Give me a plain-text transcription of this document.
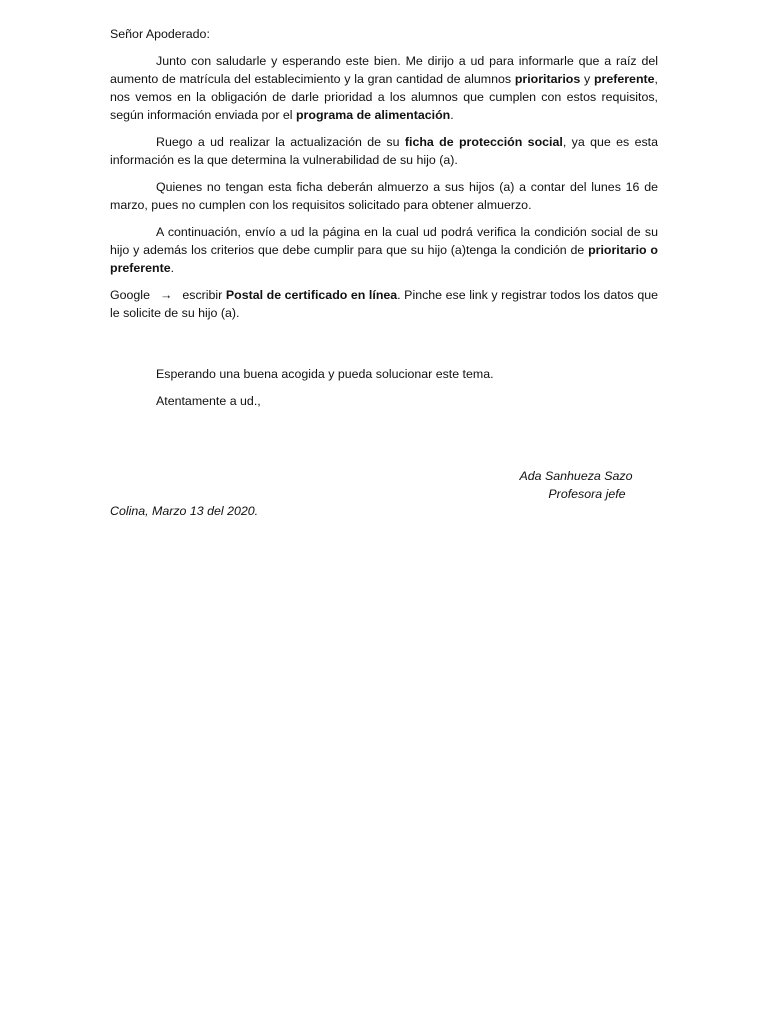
Señor Apoderado:

Junto con saludarle y esperando este bien. Me dirijo a ud para informarle que a raíz del aumento de matrícula del establecimiento y la gran cantidad de alumnos prioritarios y preferente, nos vemos en la obligación de darle prioridad a los alumnos que cumplen con estos requisitos, según información enviada por el programa de alimentación.

Ruego a ud realizar la actualización de su ficha de protección social, ya que es esta información es la que determina la vulnerabilidad de su hijo (a).

Quienes no tengan esta ficha deberán almuerzo a sus hijos (a) a contar del lunes 16 de marzo, pues no cumplen con los requisitos solicitado para obtener almuerzo.

A continuación, envío a ud la página en la cual ud podrá verifica la condición social de su hijo y además los criterios que debe cumplir para que su hijo (a)tenga la condición de prioritario o preferente.

Google → escribir Postal de certificado en línea. Pinche ese link y registrar todos los datos que le solicite de su hijo (a).

Esperando una buena acogida y pueda solucionar este tema.

Atentamente a ud.,

Ada Sanhueza Sazo
Profesora jefe
Colina, Marzo 13 del 2020.
